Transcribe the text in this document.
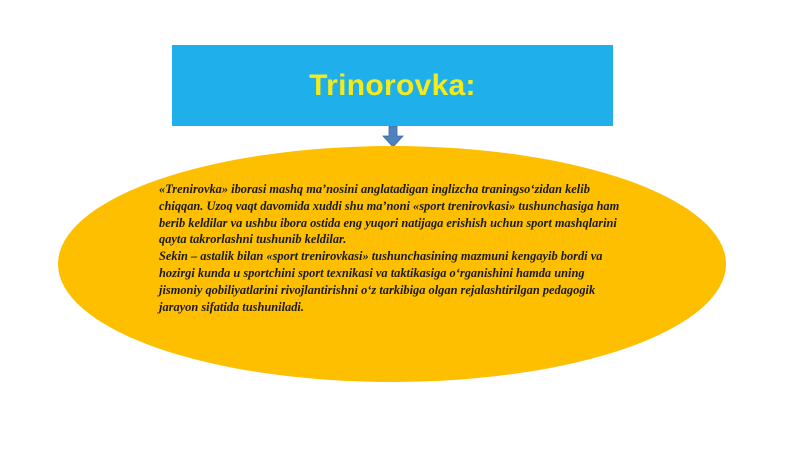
Trinorovka:

«Trenirovka» iborasi mashq ma’nosini anglatadigan inglizcha traningso‘zidan kelib chiqqan. Uzoq vaqt davomida xuddi shu ma’noni «sport trenirovkasi» tushunchasiga ham berib keldilar va ushbu ibora ostida eng yuqori natijaga erishish uchun sport mashqlarini qayta takrorlashni tushunib keldilar.

Sekin – astalik bilan «sport trenirovkasi» tushunchasining mazmuni kengayib bordi va hozirgi kunda u sportchini sport texnikasi va taktikasiga o‘rganishini hamda uning jismoniy qobiliyatlarini rivojlantirishni o‘z tarkibiga olgan rejalashtirilgan pedagogik jarayon sifatida tushuniladi.
